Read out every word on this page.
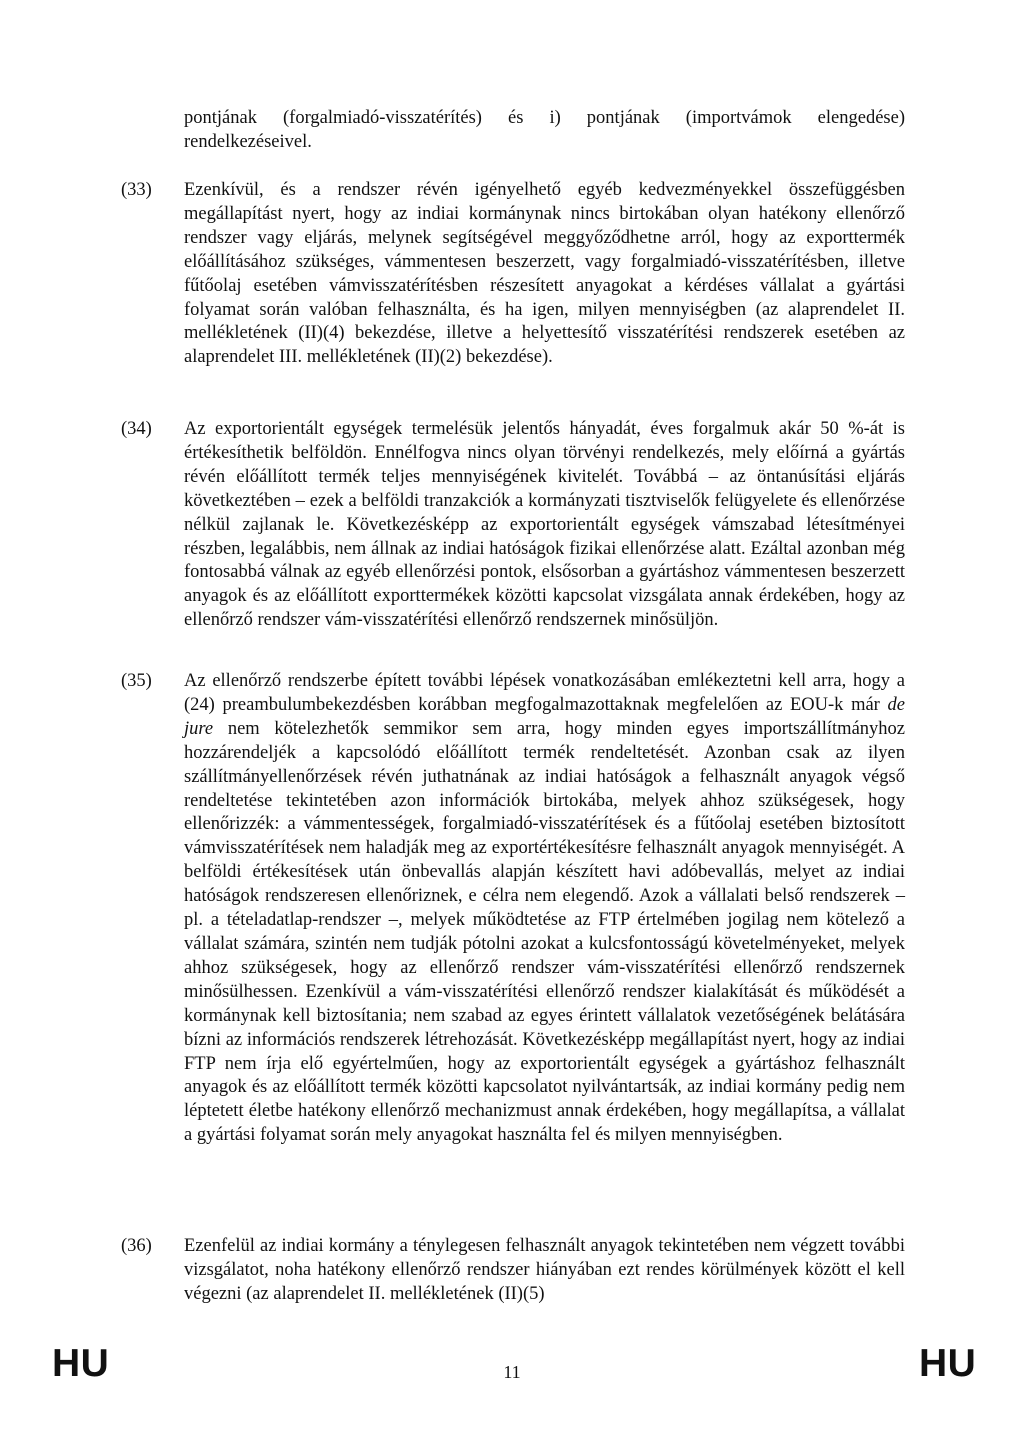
pontjának (forgalmiadó-visszatérítés) és i) pontjának (importvámok elengedése) rendelkezéseivel.
(33)	Ezenkívül, és a rendszer révén igényelhető egyéb kedvezményekkel összefüggésben megállapítást nyert, hogy az indiai kormánynak nincs birtokában olyan hatékony ellenőrző rendszer vagy eljárás, melynek segítségével meggyőződhetne arról, hogy az exporttermék előállításához szükséges, vámmentesen beszerzett, vagy forgalmiadó-visszatérítésben, illetve fűtőolaj esetében vámvisszatérítésben részesített anyagokat a kérdéses vállalat a gyártási folyamat során valóban felhasználta, és ha igen, milyen mennyiségben (az alaprendelet II. mellékletének (II)(4) bekezdése, illetve a helyettesítő visszatérítési rendszerek esetében az alaprendelet III. mellékletének (II)(2) bekezdése).
(34)	Az exportorientált egységek termelésük jelentős hányadát, éves forgalmuk akár 50 %-át is értékesíthetik belföldön. Ennélfogva nincs olyan törvényi rendelkezés, mely előírná a gyártás révén előállított termék teljes mennyiségének kivitelét. Továbbá – az öntanúsítási eljárás következtében – ezek a belföldi tranzakciók a kormányzati tisztviselők felügyelete és ellenőrzése nélkül zajlanak le. Következésképp az exportorientált egységek vámszabad létesítményei részben, legalábbis, nem állnak az indiai hatóságok fizikai ellenőrzése alatt. Ezáltal azonban még fontosabbá válnak az egyéb ellenőrzési pontok, elsősorban a gyártáshoz vámmentesen beszerzett anyagok és az előállított exporttermékek közötti kapcsolat vizsgálata annak érdekében, hogy az ellenőrző rendszer vám-visszatérítési ellenőrző rendszernek minősüljön.
(35)	Az ellenőrző rendszerbe épített további lépések vonatkozásában emlékeztetni kell arra, hogy a (24) preambulumbekezdésben korábban megfogalmazottaknak megfelelően az EOU-k már de jure nem kötelezhetők semmikor sem arra, hogy minden egyes importszállítmányhoz hozzárendeljék a kapcsolódó előállított termék rendeltetését. Azonban csak az ilyen szállítmányellenőrzések révén juthatnának az indiai hatóságok a felhasznált anyagok végső rendeltetése tekintetében azon információk birtokába, melyek ahhoz szükségesek, hogy ellenőrizzék: a vámmentességek, forgalmiadó-visszatérítések és a fűtőolaj esetében biztosított vámvisszatérítések nem haladják meg az exportértékesítésre felhasznált anyagok mennyiségét. A belföldi értékesítések után önbevallás alapján készített havi adóbevallás, melyet az indiai hatóságok rendszeresen ellenőriznek, e célra nem elegendő. Azok a vállalati belső rendszerek – pl. a tételadatlap-rendszer –, melyek működtetése az FTP értelmében jogilag nem kötelező a vállalat számára, szintén nem tudják pótolni azokat a kulcsfontosságú követelményeket, melyek ahhoz szükségesek, hogy az ellenőrző rendszer vám-visszatérítési ellenőrző rendszernek minősülhessen. Ezenkívül a vám-visszatérítési ellenőrző rendszer kialakítását és működését a kormánynak kell biztosítania; nem szabad az egyes érintett vállalatok vezetőségének belátására bízni az információs rendszerek létrehozását. Következésképp megállapítást nyert, hogy az indiai FTP nem írja elő egyértelműen, hogy az exportorientált egységek a gyártáshoz felhasznált anyagok és az előállított termék közötti kapcsolatot nyilvántartsák, az indiai kormány pedig nem léptetett életbe hatékony ellenőrző mechanizmust annak érdekében, hogy megállapítsa, a vállalat a gyártási folyamat során mely anyagokat használta fel és milyen mennyiségben.
(36)	Ezenfelül az indiai kormány a ténylegesen felhasznált anyagok tekintetében nem végzett további vizsgálatot, noha hatékony ellenőrző rendszer hiányában ezt rendes körülmények között el kell végezni (az alaprendelet II. mellékletének (II)(5)
HU	11	HU
